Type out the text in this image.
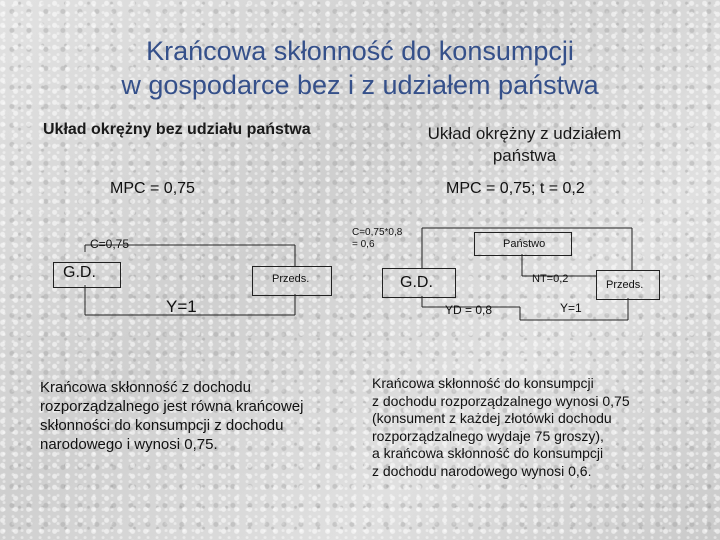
Krańcowa skłonność do konsumpcji
w gospodarce bez i z udziałem państwa
Układ okrężny bez udziału państwa
MPC = 0,75
C=0,75
G.D.	Przeds.
Y=1
Krańcowa skłonność z dochodu rozporządzalnego jest równa krańcowej skłonności do konsumpcji z dochodu narodowego i wynosi 0,75.
Układ okrężny z udziałem
państwa
MPC = 0,75; t = 0,2
C=0,75*0,8
= 0,6	Państwo
G.D.	NT=0,2	Przeds.
YD = 0,8	Y=1
Krańcowa skłonność do konsumpcji
z dochodu rozporządzalnego wynosi 0,75
(konsument z każdej złotówki dochodu
rozporządzalnego wydaje 75 groszy),
a krańcowa skłonność do konsumpcji
z dochodu narodowego wynosi 0,6.
